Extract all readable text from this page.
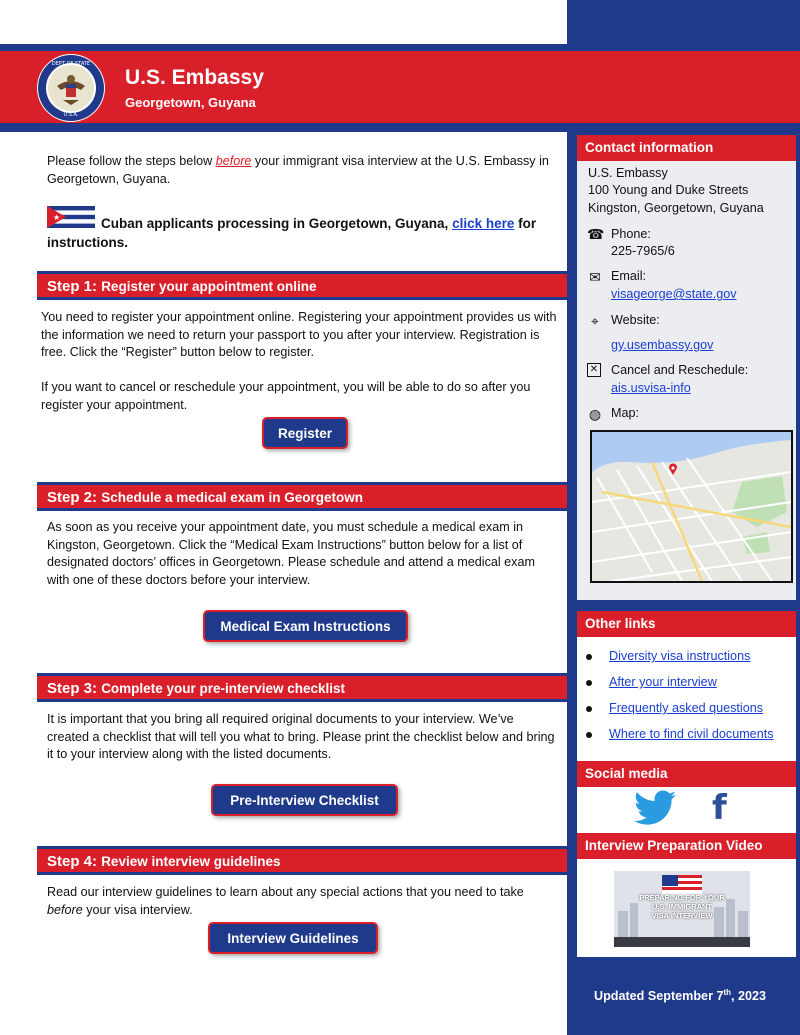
DEPT OF STATE
U.S.A.
U.S. Embassy
Georgetown, Guyana
Please follow the steps below before your immigrant visa interview at the U.S. Embassy in Georgetown, Guyana.
★	Cuban applicants processing in Georgetown, Guyana, click here for
instructions.
Step 1: Register your appointment online
You need to register your appointment online. Registering your appointment provides us with the information we need to return your passport to you after your interview. Registration is free. Click the “Register” button below to register.
If you want to cancel or reschedule your appointment, you will be able to do so after you register your appointment.
Register
Step 2: Schedule a medical exam in Georgetown
As soon as you receive your appointment date, you must schedule a medical exam in Kingston, Georgetown. Click the “Medical Exam Instructions” button below for a list of designated doctors’ offices in Georgetown. Please schedule and attend a medical exam with one of these doctors before your interview.
Medical Exam Instructions
Step 3: Complete your pre-interview checklist
It is important that you bring all required original documents to your interview. We’ve created a checklist that will tell you what to bring. Please print the checklist below and bring it to your interview along with the listed documents.
Pre-Interview Checklist
Step 4: Review interview guidelines
Read our interview guidelines to learn about any special actions that you need to take before your visa interview.
Interview Guidelines
Contact information
U.S. Embassy
100 Young and Duke Streets
Kingston, Georgetown, Guyana
☎ Phone:
225-7965/6
✉ Email:
visageorge@state.gov
⌖ Website:
gy.usembassy.gov
✕ Cancel and Reschedule:
ais.usvisa-info
◍ Map:
Other links
Diversity visa instructions
After your interview
Frequently asked questions
Where to find civil documents
Social media
f
Interview Preparation Video
PREPARING FOR YOUR
U.S. IMMIGRANT
VISA INTERVIEW
Updated September 7th, 2023
